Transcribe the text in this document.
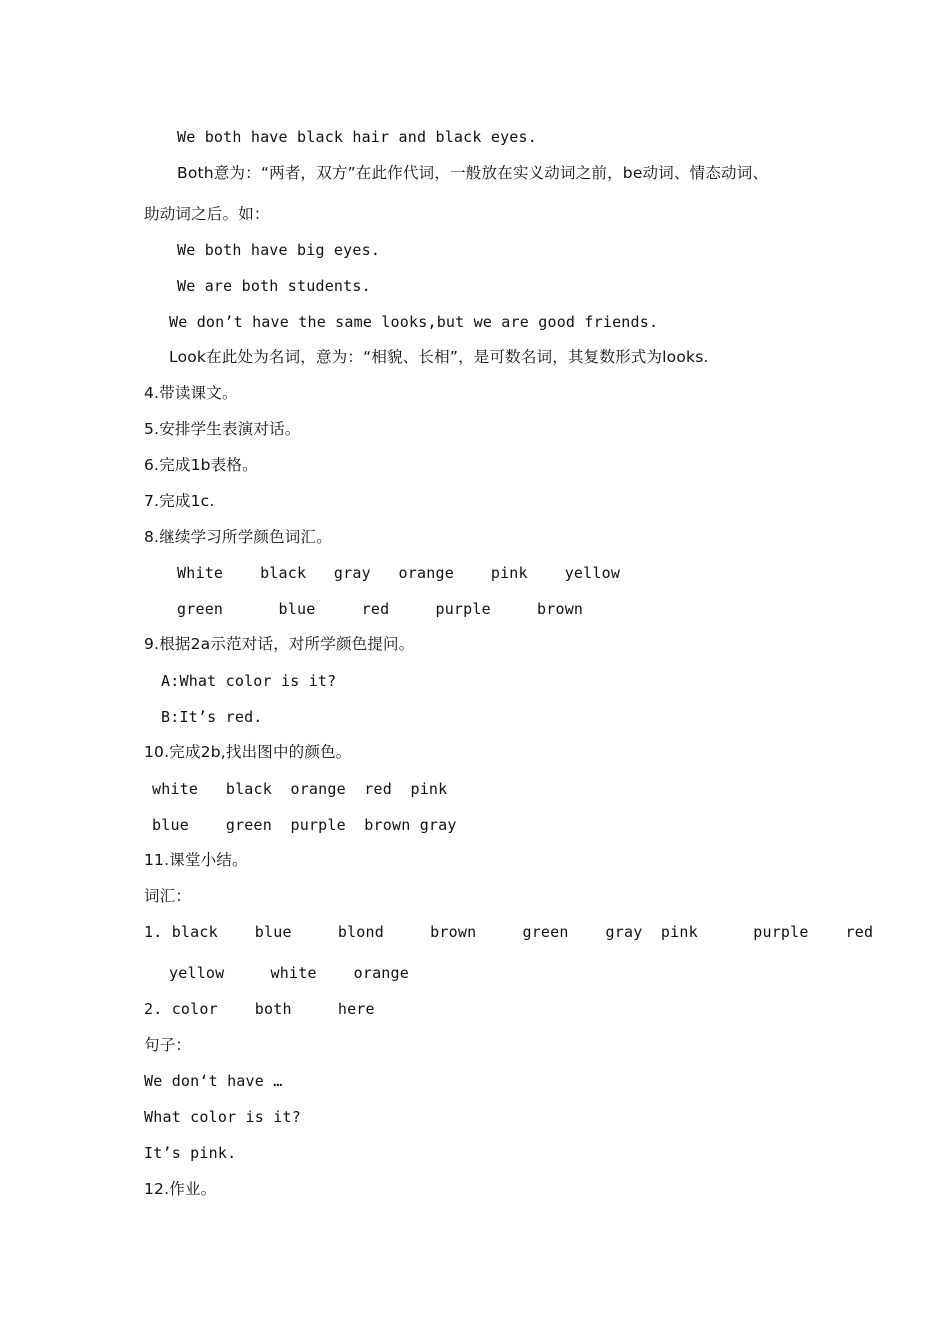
We both have black hair and black eyes.
Both意为：“两者，双方”在此作代词，一般放在实义动词之前，be动词、情态动词、
助动词之后。如：
We both have big eyes.
We are both students.
We don’t have the same looks,but we are good friends.
Look在此处为名词，意为：“相貌、长相”，是可数名词，其复数形式为looks.
4.带读课文。
5.安排学生表演对话。
6.完成1b表格。
7.完成1c.
8.继续学习所学颜色词汇。
White    black   gray   orange    pink    yellow
green      blue     red     purple     brown
9.根据2a示范对话，对所学颜色提问。
A:What color is it?
B:It’s red.
10.完成2b,找出图中的颜色。
white   black  orange  red  pink
blue    green  purple  brown gray
11.课堂小结。
词汇：
1. black    blue     blond     brown     green    gray  pink      purple    red
yellow     white    orange
2. color    both     here
句子：
We don‘t have …
What color is it?
It’s pink.
12.作业。
